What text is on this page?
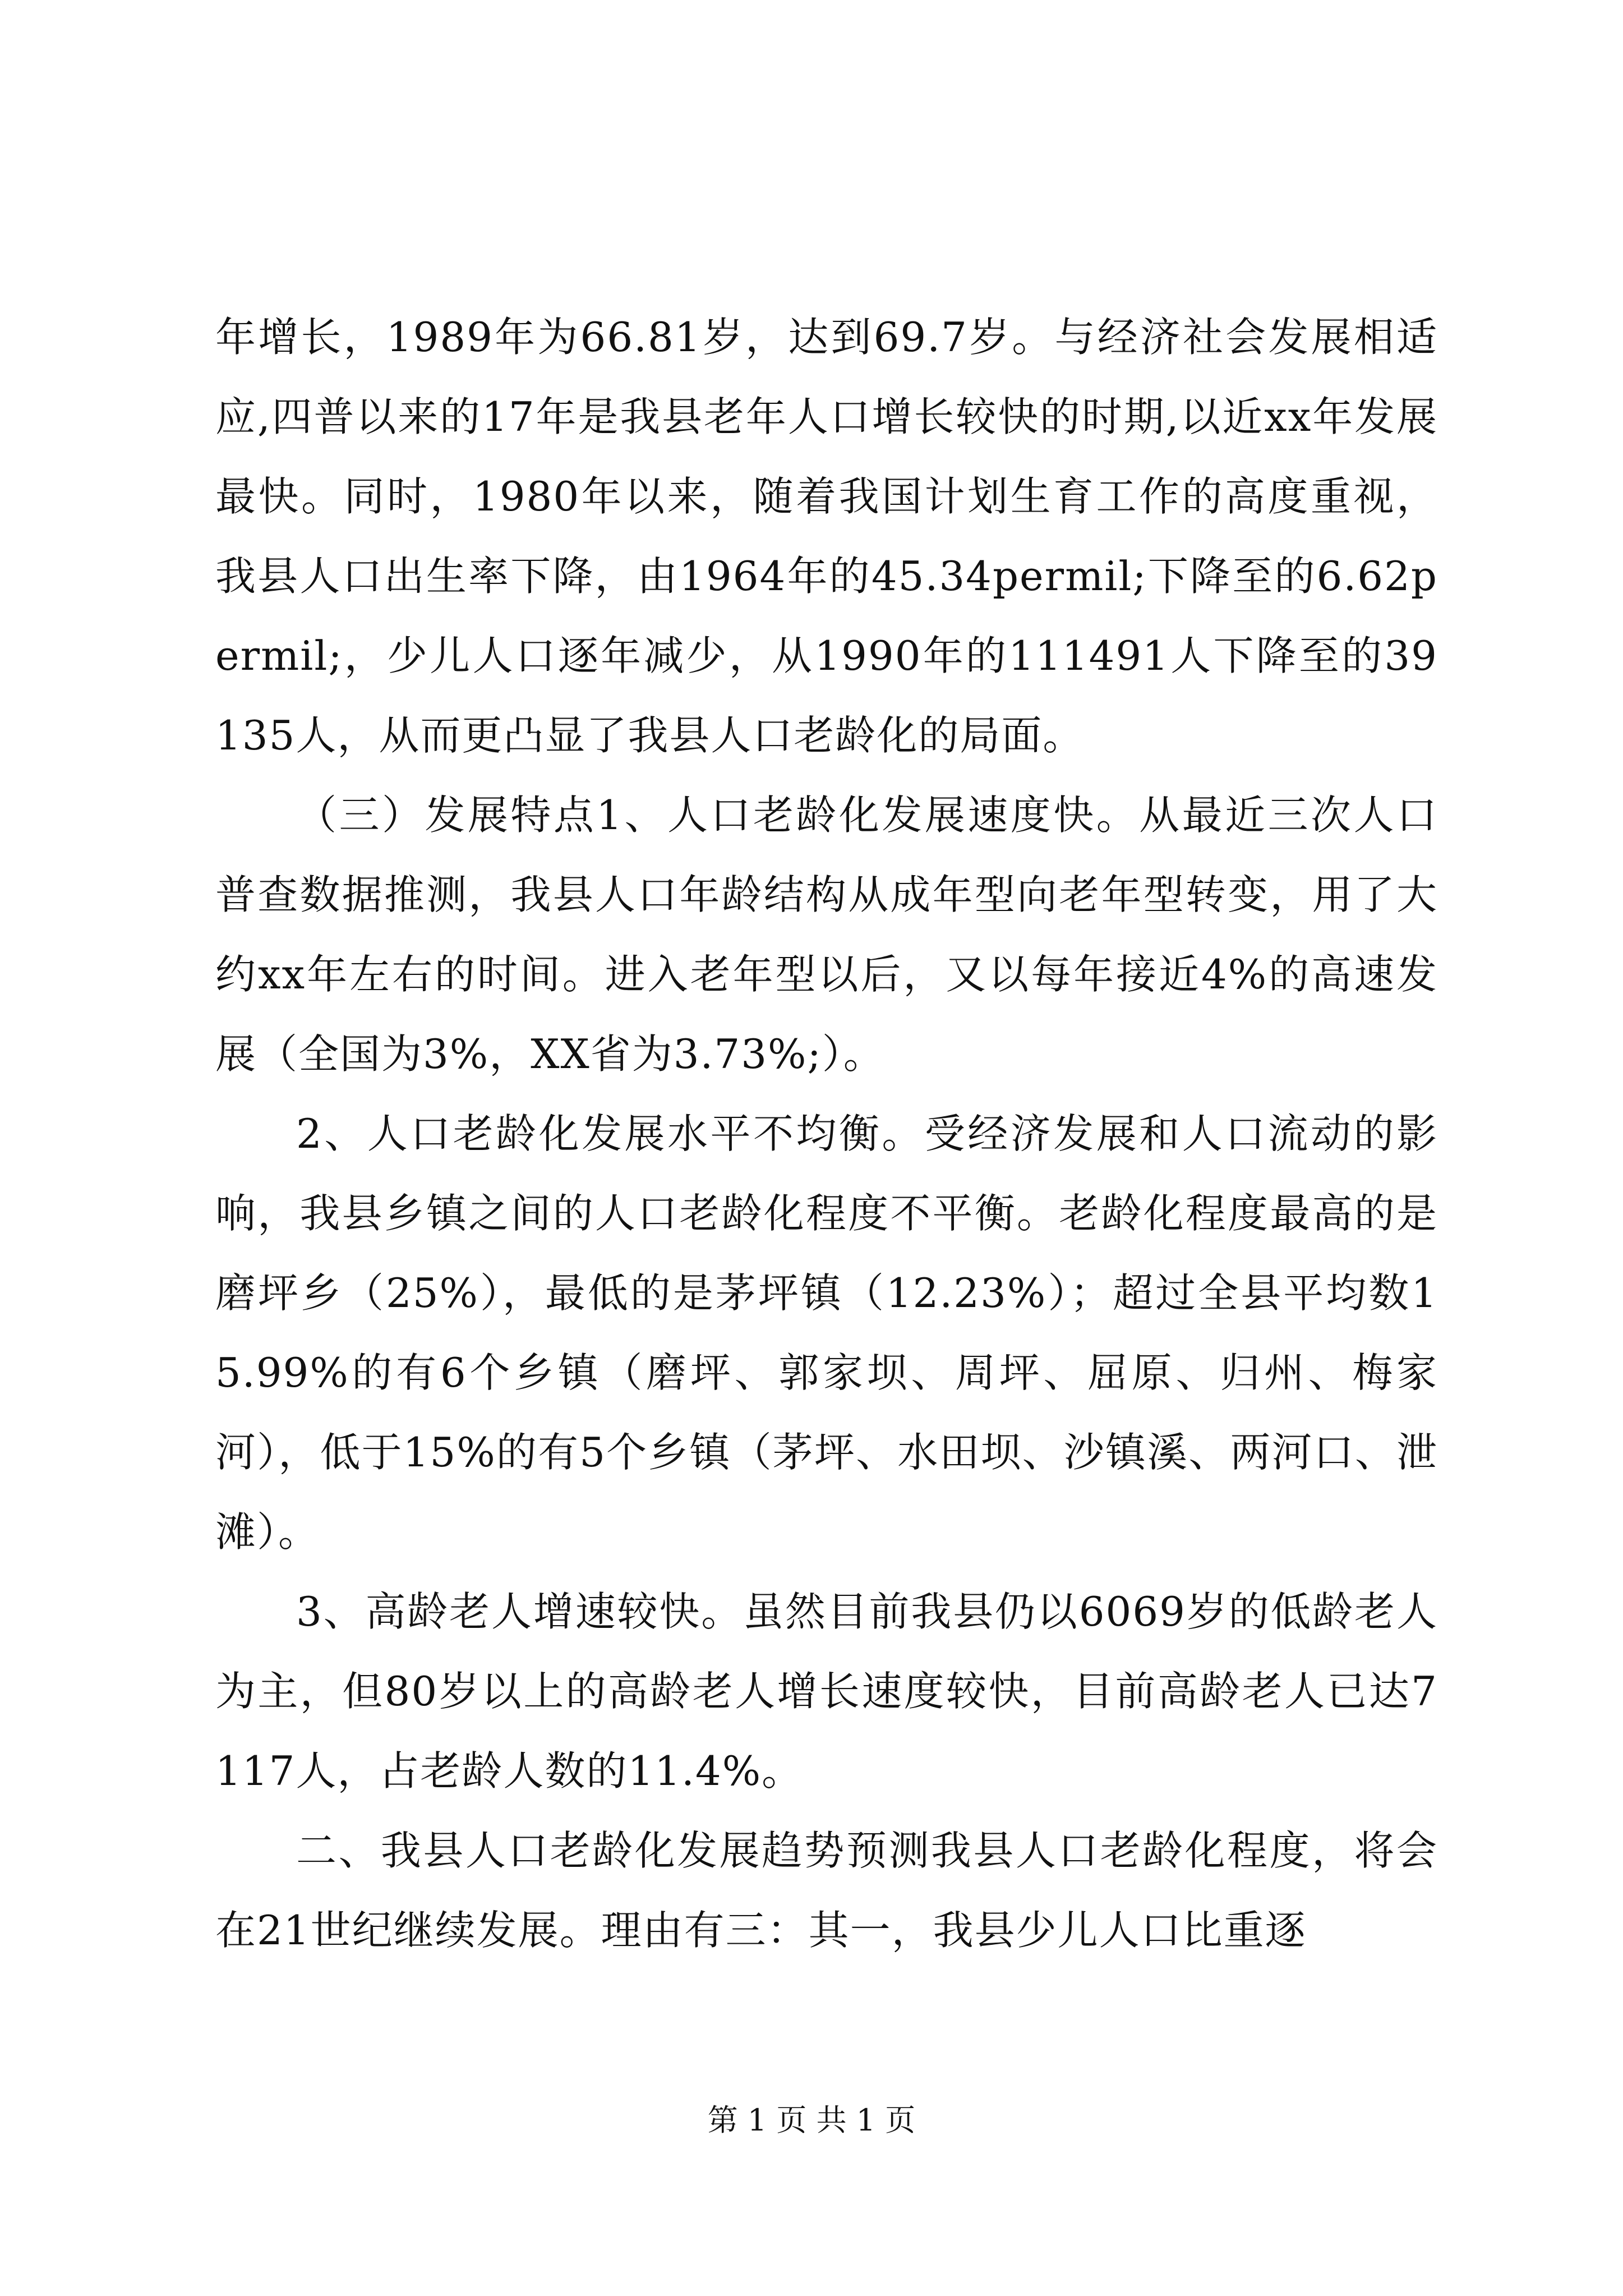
年增长，1989年为66.81岁，达到69.7岁。与经济社会发展相适应,四普以来的17年是我县老年人口增长较快的时期,以近xx年发展最快。同时，1980年以来，随着我国计划生育工作的高度重视，我县人口出生率下降，由1964年的45.34permil;下降至的6.62permil;，少儿人口逐年减少，从1990年的111491人下降至的39135人，从而更凸显了我县人口老龄化的局面。

（三）发展特点1、人口老龄化发展速度快。从最近三次人口普查数据推测，我县人口年龄结构从成年型向老年型转变，用了大约xx年左右的时间。进入老年型以后，又以每年接近4%的高速发展（全国为3%，XX省为3.73%;）。

2、人口老龄化发展水平不均衡。受经济发展和人口流动的影响，我县乡镇之间的人口老龄化程度不平衡。老龄化程度最高的是磨坪乡（25%），最低的是茅坪镇（12.23%）；超过全县平均数15.99%的有6个乡镇（磨坪、郭家坝、周坪、屈原、归州、梅家河），低于15%的有5个乡镇（茅坪、水田坝、沙镇溪、两河口、泄滩）。

3、高龄老人增速较快。虽然目前我县仍以6069岁的低龄老人为主，但80岁以上的高龄老人增长速度较快，目前高龄老人已达7117人，占老龄人数的11.4%。

二、我县人口老龄化发展趋势预测我县人口老龄化程度，将会在21世纪继续发展。理由有三：其一，我县少儿人口比重逐

第 1 页 共 1 页
